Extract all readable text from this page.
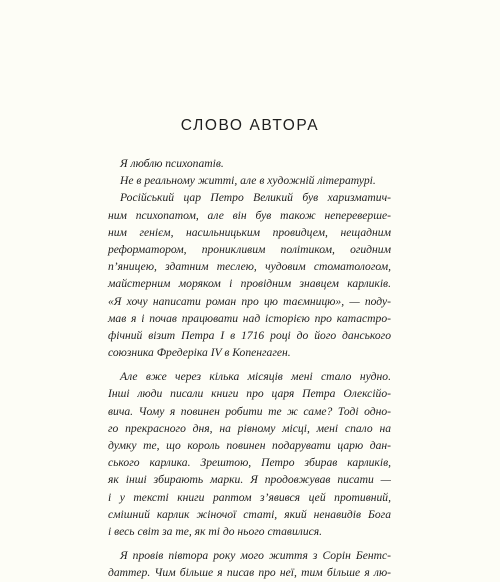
СЛОВО АВТОРА
Я люблю психопатів.
Не в реальному житті, але в художній літературі.
Російський цар Петро Великий був харизматич-
ним психопатом, але він був також неперевершe-
ним генієм, насильницьким провидцем, нещадним
реформатором, проникливим політиком, огидним
п’яницею, здатним теслею, чудовим стоматологом,
майстерним моряком і провідним знавцем карликів.
«Я хочу написати роман про цю таємницю», — поду-
мав я і почав працювати над історією про катастро-
фічний візит Петра І в 1716 році до його данського
союзника Фредеріка IV в Копенгаген.
Але вже через кілька місяців мені стало нудно.
Інші люди писали книги про царя Петра Олексійо-
вича. Чому я повинен робити те ж саме? Тоді одно-
го прекрасного дня, на рівному місці, мені спало на
думку те, що король повинен подарувати царю дан-
ського карлика. Зрештою, Петро збирав карликів,
як інші збирають марки. Я продовжував писати —
і у тексті книги раптом з’явився цей противний,
смішний карлик жіночої статі, який ненавидів Бога
і весь світ за те, як ті до нього ставилися.
Я провів півтора року мого життя з Сорін Бентс-
даттер. Чим більше я писав про неї, тим більше я лю-
